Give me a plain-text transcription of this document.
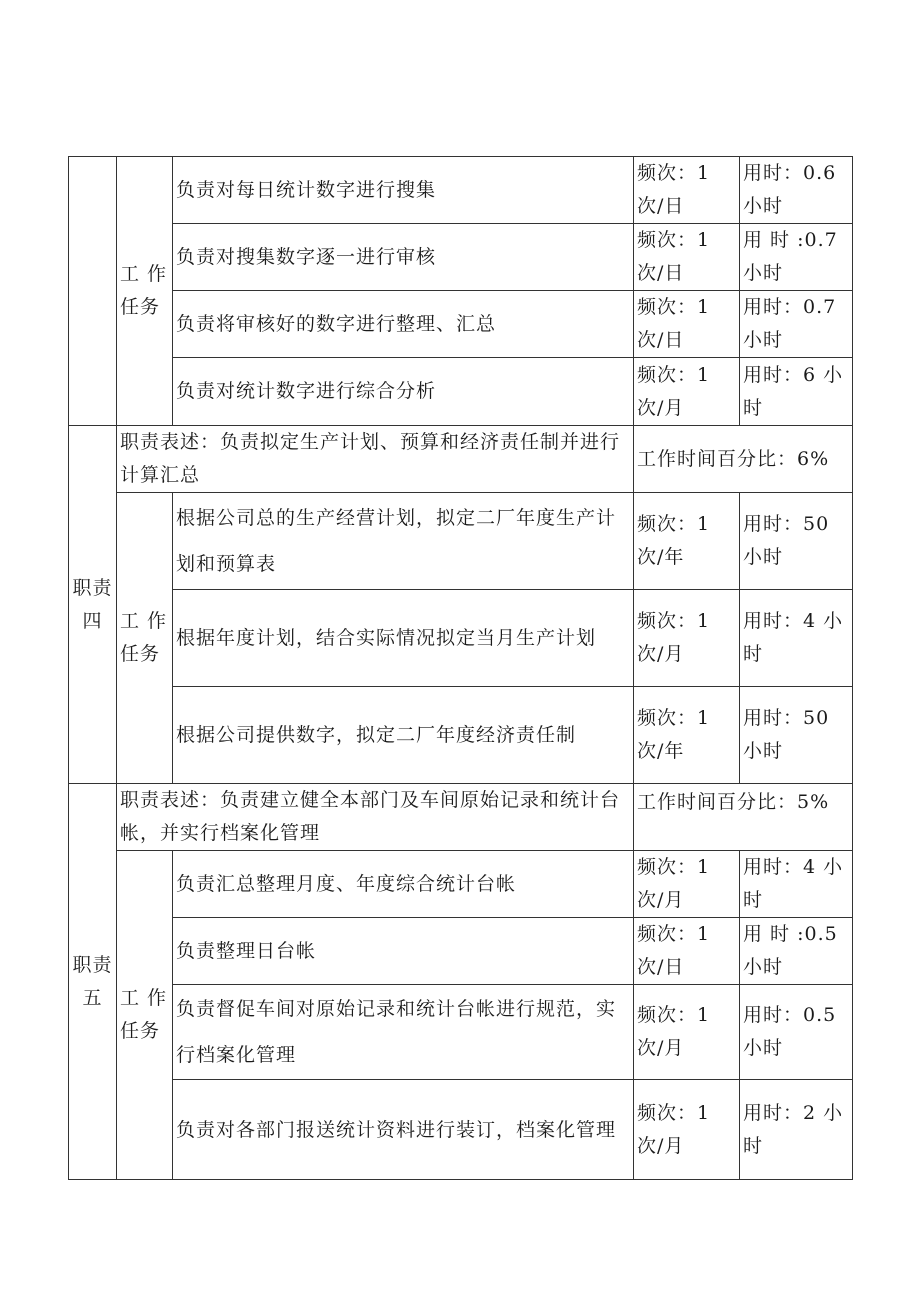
	工 作 任务	负责对每日统计数字进行搜集	频次：1 次/日	用时：0.6 小时
		负责对搜集数字逐一进行审核	频次：1 次/日	用 时 :0.7 小时
		负责将审核好的数字进行整理、汇总	频次：1 次/日	用时：0.7 小时
		负责对统计数字进行综合分析	频次：1 次/月	用时：6 小时
职责四	职责表述：负责拟定生产计划、预算和经济责任制并进行计算汇总		工作时间百分比：6%	
	工 作 任务	根据公司总的生产经营计划，拟定二厂年度生产计划和预算表	频次：1 次/年	用时：50 小时
		根据年度计划，结合实际情况拟定当月生产计划	频次：1 次/月	用时：4 小时
		根据公司提供数字，拟定二厂年度经济责任制	频次：1 次/年	用时：50 小时
职责五	职责表述：负责建立健全本部门及车间原始记录和统计台帐，并实行档案化管理		工作时间百分比：5%	
	工 作 任务	负责汇总整理月度、年度综合统计台帐	频次：1 次/月	用时：4 小时
		负责整理日台帐	频次：1 次/日	用 时 :0.5 小时
		负责督促车间对原始记录和统计台帐进行规范，实行档案化管理	频次：1 次/月	用时：0.5 小时
		负责对各部门报送统计资料进行装订，档案化管理	频次：1 次/月	用时：2 小时
